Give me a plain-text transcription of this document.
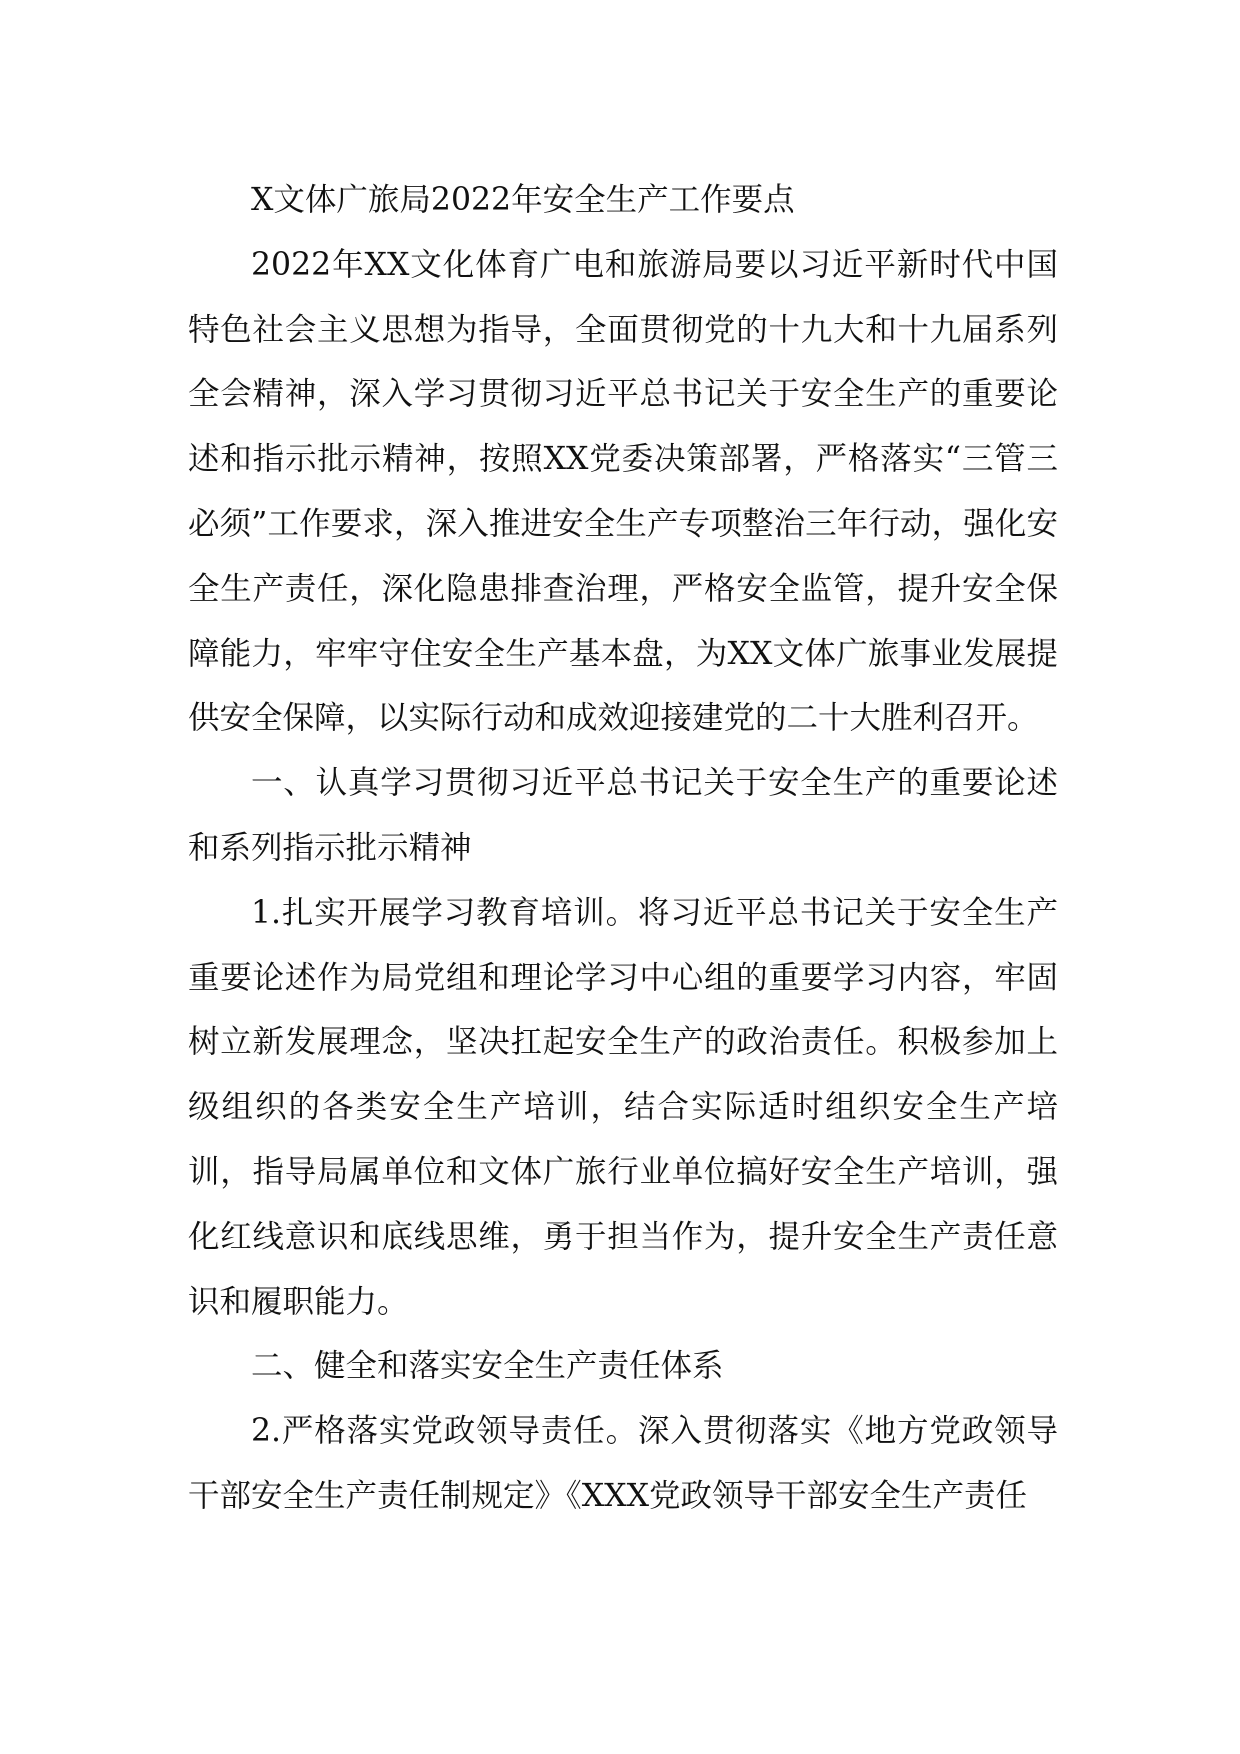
X文体广旅局2022年安全生产工作要点

2022年XX文化体育广电和旅游局要以习近平新时代中国特色社会主义思想为指导，全面贯彻党的十九大和十九届系列全会精神，深入学习贯彻习近平总书记关于安全生产的重要论述和指示批示精神，按照XX党委决策部署，严格落实“三管三必须”工作要求，深入推进安全生产专项整治三年行动，强化安全生产责任，深化隐患排查治理，严格安全监管，提升安全保障能力，牢牢守住安全生产基本盘，为XX文体广旅事业发展提供安全保障，以实际行动和成效迎接建党的二十大胜利召开。

一、认真学习贯彻习近平总书记关于安全生产的重要论述和系列指示批示精神

1.扎实开展学习教育培训。将习近平总书记关于安全生产重要论述作为局党组和理论学习中心组的重要学习内容，牢固树立新发展理念，坚决扛起安全生产的政治责任。积极参加上级组织的各类安全生产培训，结合实际适时组织安全生产培训，指导局属单位和文体广旅行业单位搞好安全生产培训，强化红线意识和底线思维，勇于担当作为，提升安全生产责任意识和履职能力。

二、健全和落实安全生产责任体系

2.严格落实党政领导责任。深入贯彻落实《地方党政领导干部安全生产责任制规定》《XXX党政领导干部安全生产责任
